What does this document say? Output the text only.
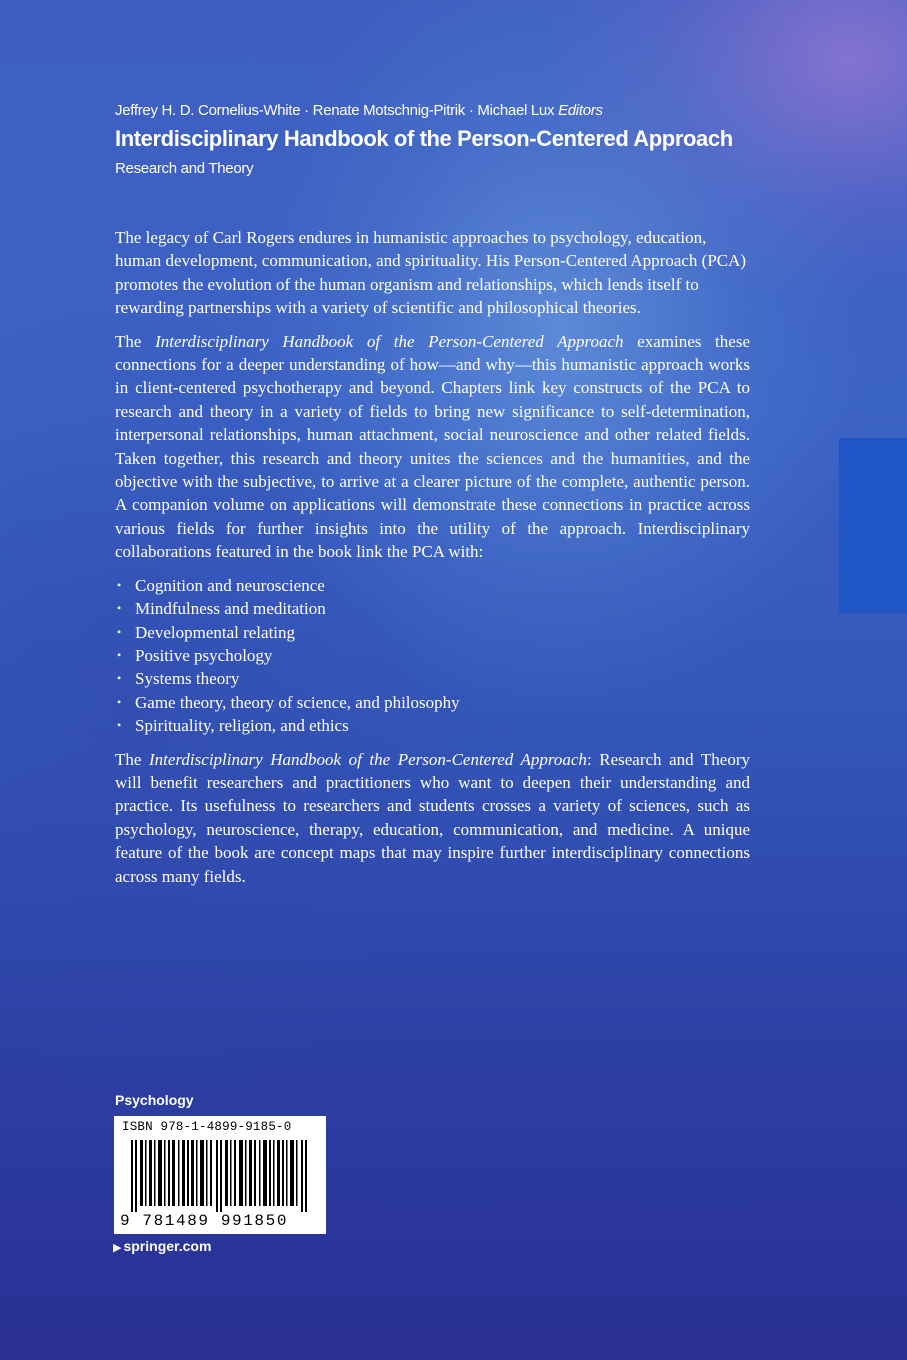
Jeffrey H. D. Cornelius-White · Renate Motschnig-Pitrik · Michael Lux Editors
Interdisciplinary Handbook of the Person-Centered Approach
Research and Theory

The legacy of Carl Rogers endures in humanistic approaches to psychology, education, human development, communication, and spirituality. His Person-Centered Approach (PCA) promotes the evolution of the human organism and relationships, which lends itself to rewarding partnerships with a variety of scientific and philosophical theories.

The Interdisciplinary Handbook of the Person-Centered Approach examines these connections for a deeper understanding of how—and why—this humanistic approach works in client-centered psychotherapy and beyond. Chapters link key constructs of the PCA to research and theory in a variety of fields to bring new significance to self-determination, interpersonal relationships, human attachment, social neuroscience and other related fields. Taken together, this research and theory unites the sciences and the humanities, and the objective with the subjective, to arrive at a clearer picture of the complete, authentic person. A companion volume on applications will demonstrate these connections in practice across various fields for further insights into the utility of the approach. Interdisciplinary collaborations featured in the book link the PCA with:

• Cognition and neuroscience
• Mindfulness and meditation
• Developmental relating
• Positive psychology
• Systems theory
• Game theory, theory of science, and philosophy
• Spirituality, religion, and ethics

The Interdisciplinary Handbook of the Person-Centered Approach: Research and Theory will benefit researchers and practitioners who want to deepen their understanding and practice. Its usefulness to researchers and students crosses a variety of sciences, such as psychology, neuroscience, therapy, education, communication, and medicine. A unique feature of the book are concept maps that may inspire further interdisciplinary connections across many fields.

Psychology
ISBN 978-1-4899-9185-0
9 781489 991850
▶ springer.com
